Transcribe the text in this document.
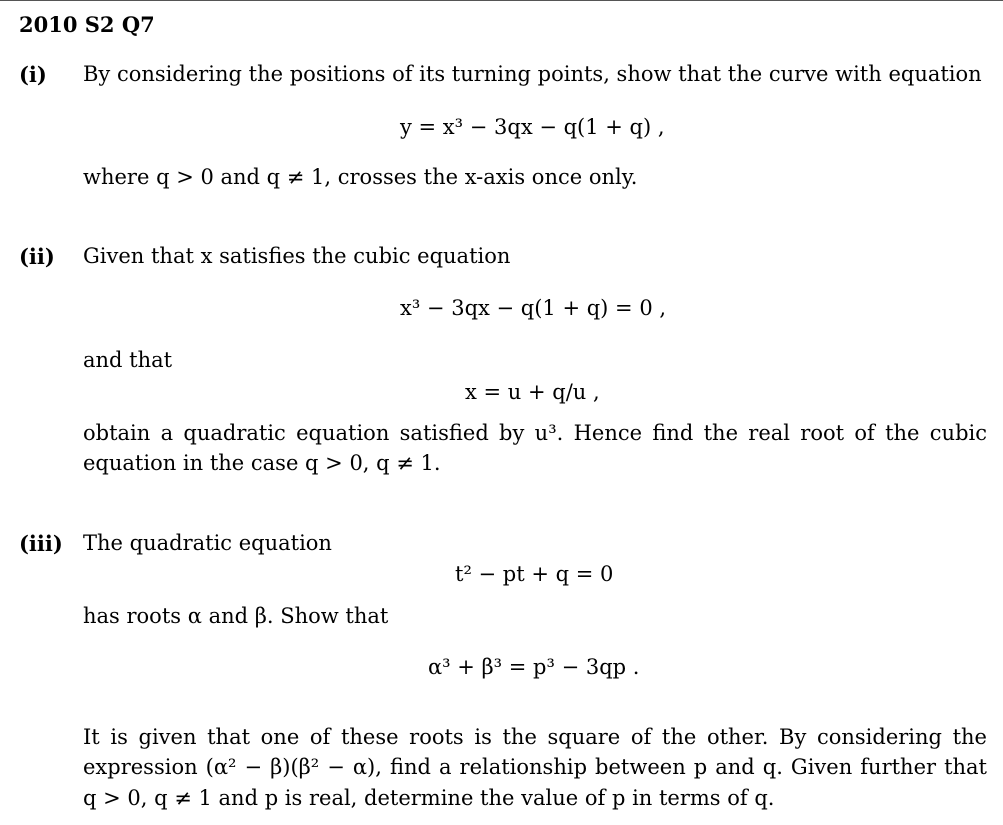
2010 S2 Q7
(i) By considering the positions of its turning points, show that the curve with equation
y = x³ − 3qx − q(1 + q) ,
where q > 0 and q ≠ 1, crosses the x-axis once only.
(ii) Given that x satisfies the cubic equation
x³ − 3qx − q(1 + q) = 0 ,
and that
x = u + q/u ,
obtain a quadratic equation satisfied by u³. Hence find the real root of the cubic
equation in the case q > 0, q ≠ 1.
(iii) The quadratic equation
t² − pt + q = 0
has roots α and β. Show that
α³ + β³ = p³ − 3qp .
It is given that one of these roots is the square of the other. By considering the
expression (α² − β)(β² − α), find a relationship between p and q. Given further that
q > 0, q ≠ 1 and p is real, determine the value of p in terms of q.
